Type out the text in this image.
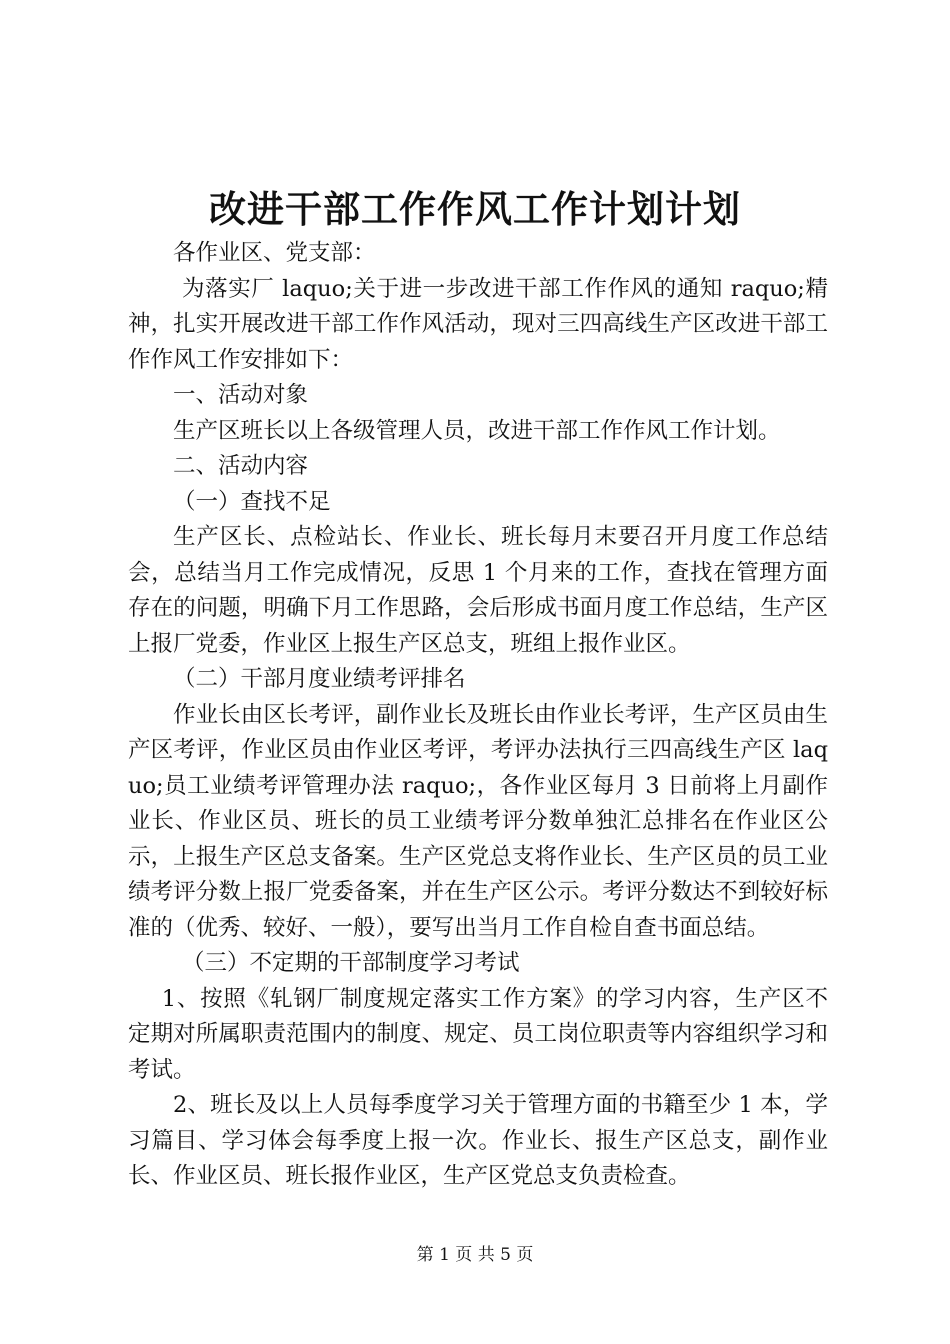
改进干部工作作风工作计划计划

各作业区、党支部：

为落实厂 laquo;关于进一步改进干部工作作风的通知 raquo;精神，扎实开展改进干部工作作风活动，现对三四高线生产区改进干部工作作风工作安排如下：

一、活动对象

生产区班长以上各级管理人员，改进干部工作作风工作计划。

二、活动内容

（一）查找不足

生产区长、点检站长、作业长、班长每月末要召开月度工作总结会，总结当月工作完成情况，反思 1 个月来的工作，查找在管理方面存在的问题，明确下月工作思路，会后形成书面月度工作总结，生产区上报厂党委，作业区上报生产区总支，班组上报作业区。

（二）干部月度业绩考评排名

作业长由区长考评，副作业长及班长由作业长考评，生产区员由生产区考评，作业区员由作业区考评，考评办法执行三四高线生产区 laquo;员工业绩考评管理办法 raquo;，各作业区每月 3 日前将上月副作业长、作业区员、班长的员工业绩考评分数单独汇总排名在作业区公示，上报生产区总支备案。生产区党总支将作业长、生产区员的员工业绩考评分数上报厂党委备案，并在生产区公示。考评分数达不到较好标准的（优秀、较好、一般），要写出当月工作自检自查书面总结。

（三）不定期的干部制度学习考试

1、按照《轧钢厂制度规定落实工作方案》的学习内容，生产区不定期对所属职责范围内的制度、规定、员工岗位职责等内容组织学习和考试。

2、班长及以上人员每季度学习关于管理方面的书籍至少 1 本，学习篇目、学习体会每季度上报一次。作业长、报生产区总支，副作业长、作业区员、班长报作业区，生产区党总支负责检查。

第 1 页 共 5 页
